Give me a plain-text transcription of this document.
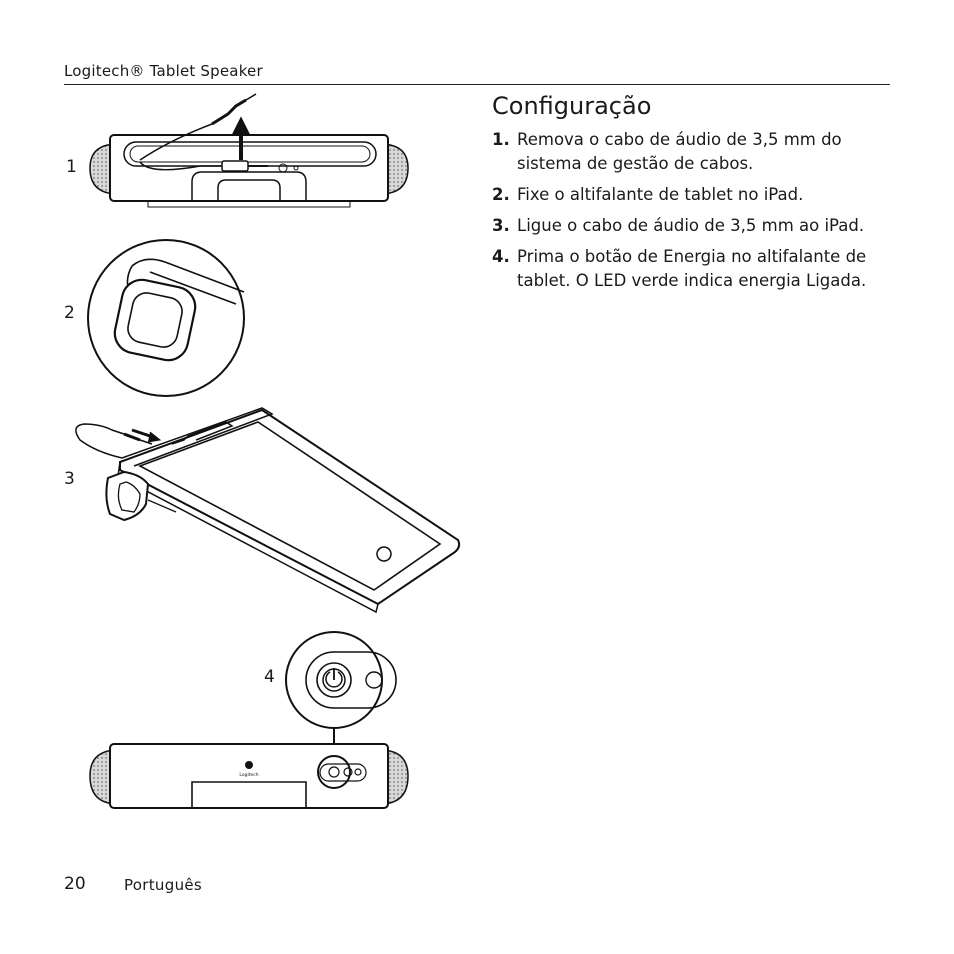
Logitech® Tablet Speaker
Configuração
1. Remova o cabo de áudio de 3,5 mm do sistema de gestão de cabos.
2. Fixe o altifalante de tablet no iPad.
3. Ligue o cabo de áudio de 3,5 mm ao iPad.
4. Prima o botão de Energia no altifalante de tablet. O LED verde indica energia Ligada.
1
2
3
4
Logitech
20	Português
